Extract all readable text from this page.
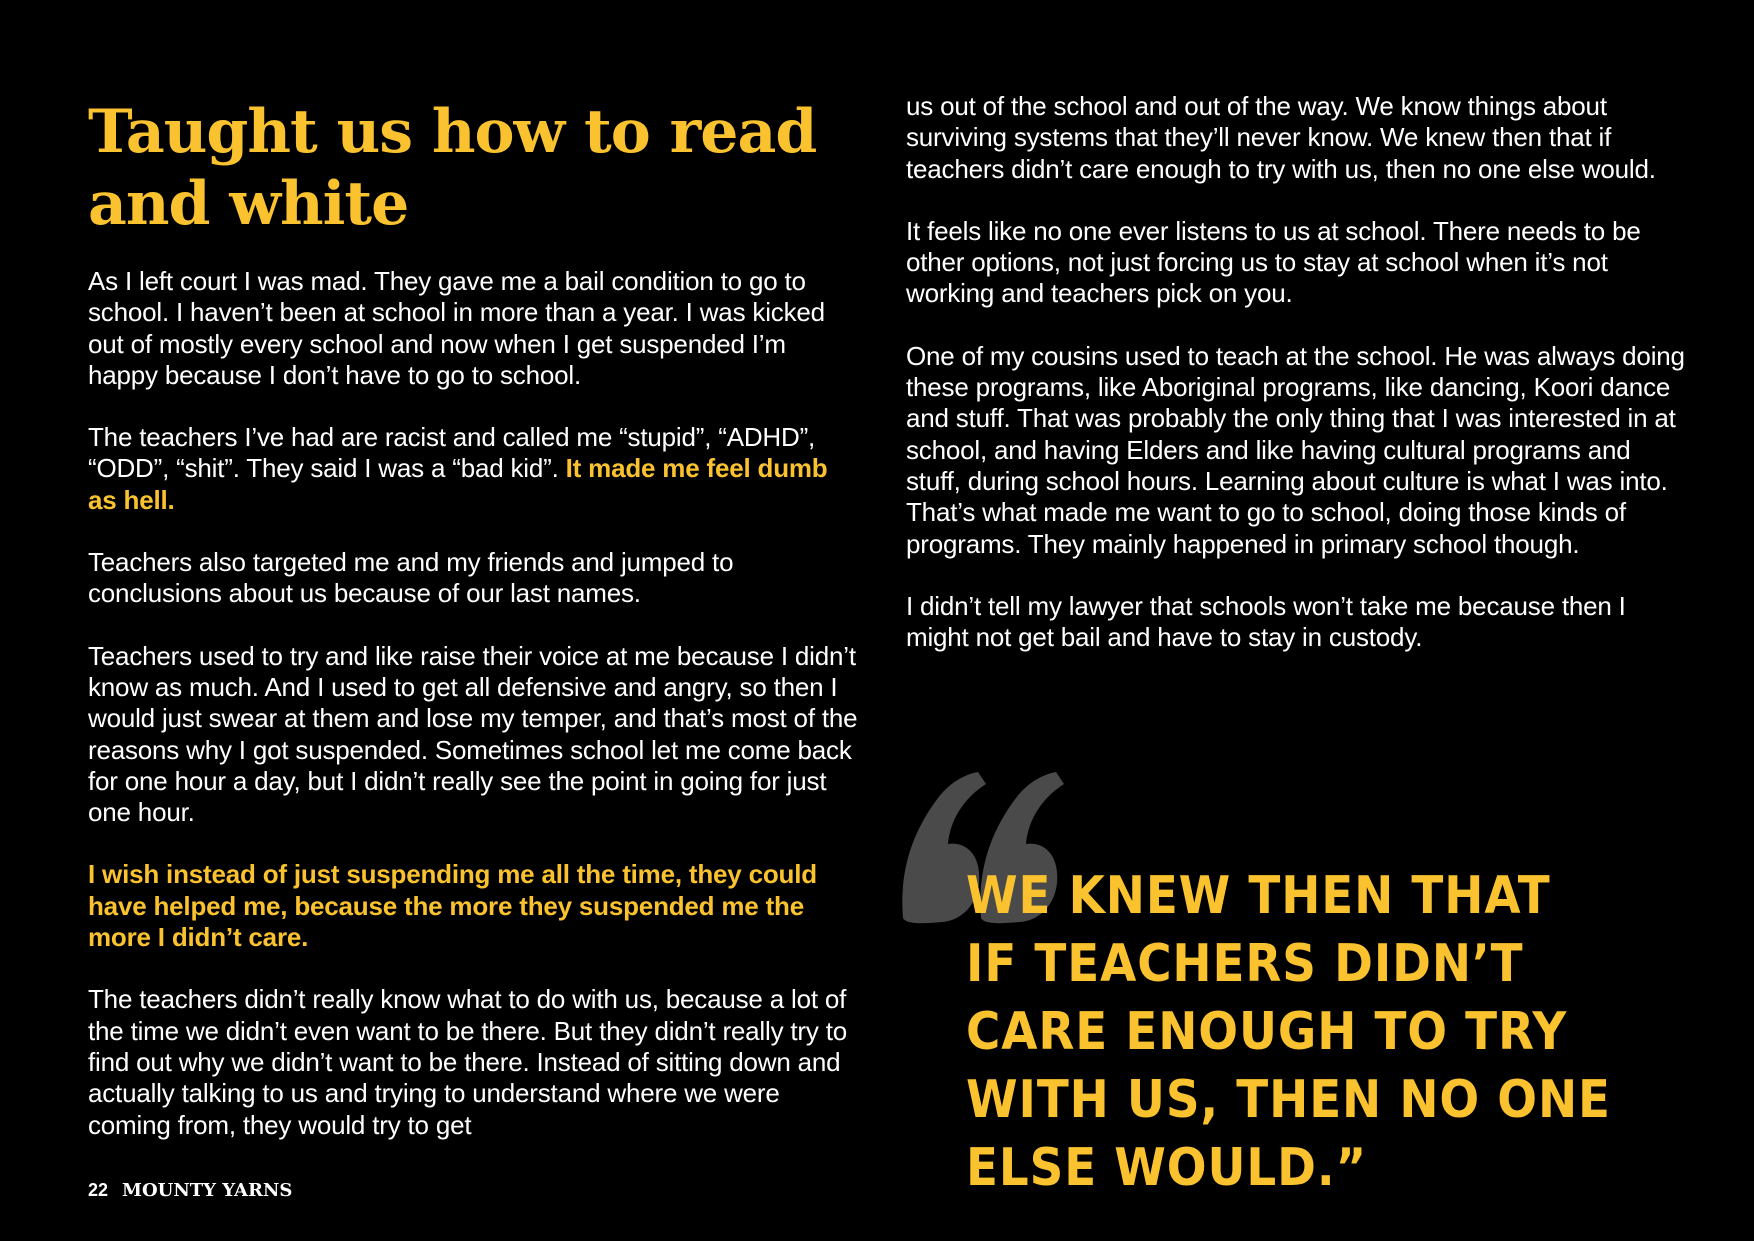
Taught us how to read and white

As I left court I was mad. They gave me a bail condition to go to school. I haven’t been at school in more than a year. I was kicked out of mostly every school and now when I get suspended I’m happy because I don’t have to go to school.

The teachers I’ve had are racist and called me “stupid”, “ADHD”, “ODD”, “shit”. They said I was a “bad kid”. It made me feel dumb as hell.

Teachers also targeted me and my friends and jumped to conclusions about us because of our last names.

Teachers used to try and like raise their voice at me because I didn’t know as much. And I used to get all defensive and angry, so then I would just swear at them and lose my temper, and that’s most of the reasons why I got suspended. Sometimes school let me come back for one hour a day, but I didn’t really see the point in going for just one hour.

I wish instead of just suspending me all the time, they could have helped me, because the more they suspended me the more I didn’t care.

The teachers didn’t really know what to do with us, because a lot of the time we didn’t even want to be there. But they didn’t really try to find out why we didn’t want to be there. Instead of sitting down and actually talking to us and trying to understand where we were coming from, they would try to get

us out of the school and out of the way. We know things about surviving systems that they’ll never know. We knew then that if teachers didn’t care enough to try with us, then no one else would.

It feels like no one ever listens to us at school. There needs to be other options, not just forcing us to stay at school when it’s not working and teachers pick on you.

One of my cousins used to teach at the school. He was always doing these programs, like Aboriginal programs, like dancing, Koori dance and stuff. That was probably the only thing that I was interested in at school, and having Elders and like having cultural programs and stuff, during school hours. Learning about culture is what I was into. That’s what made me want to go to school, doing those kinds of programs. They mainly happened in primary school though.

I didn’t tell my lawyer that schools won’t take me because then I might not get bail and have to stay in custody.

WE KNEW THEN THAT IF TEACHERS DIDN’T CARE ENOUGH TO TRY WITH US, THEN NO ONE ELSE WOULD.”

22 MOUNTY YARNS
